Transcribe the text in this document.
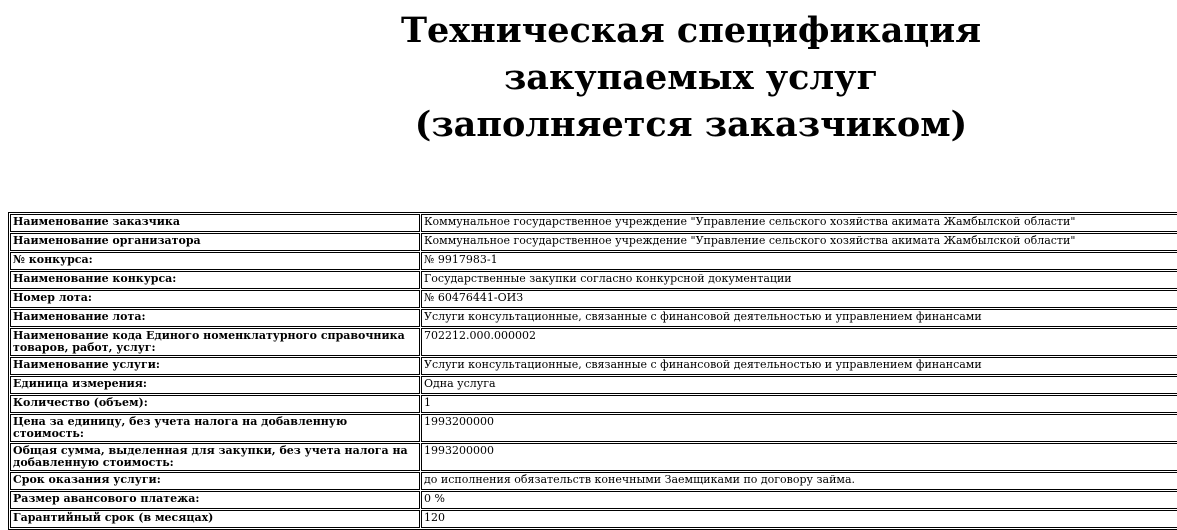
Техническая спецификация
закупаемых услуг
(заполняется заказчиком)
Наименование заказчика	Коммунальное государственное учреждение "Управление сельского хозяйства акимата Жамбылской области"
Наименование организатора	Коммунальное государственное учреждение "Управление сельского хозяйства акимата Жамбылской области"
№ конкурса:	№ 9917983-1
Наименование конкурса:	Государственные закупки согласно конкурсной документации
Номер лота:	№ 60476441-ОИЗ
Наименование лота:	Услуги консультационные, связанные с финансовой деятельностью и управлением финансами
Наименование кода Единого номенклатурного справочника товаров, работ, услуг:	702212.000.000002
Наименование услуги:	Услуги консультационные, связанные с финансовой деятельностью и управлением финансами
Единица измерения:	Одна услуга
Количество (объем):	1
Цена за единицу, без учета налога на добавленную стоимость:	1993200000
Общая сумма, выделенная для закупки, без учета налога на добавленную стоимость:	1993200000
Срок оказания услуги:	до исполнения обязательств конечными Заемщиками по договору займа.
Размер авансового платежа:	0 %
Гарантийный срок (в месяцах)	120
